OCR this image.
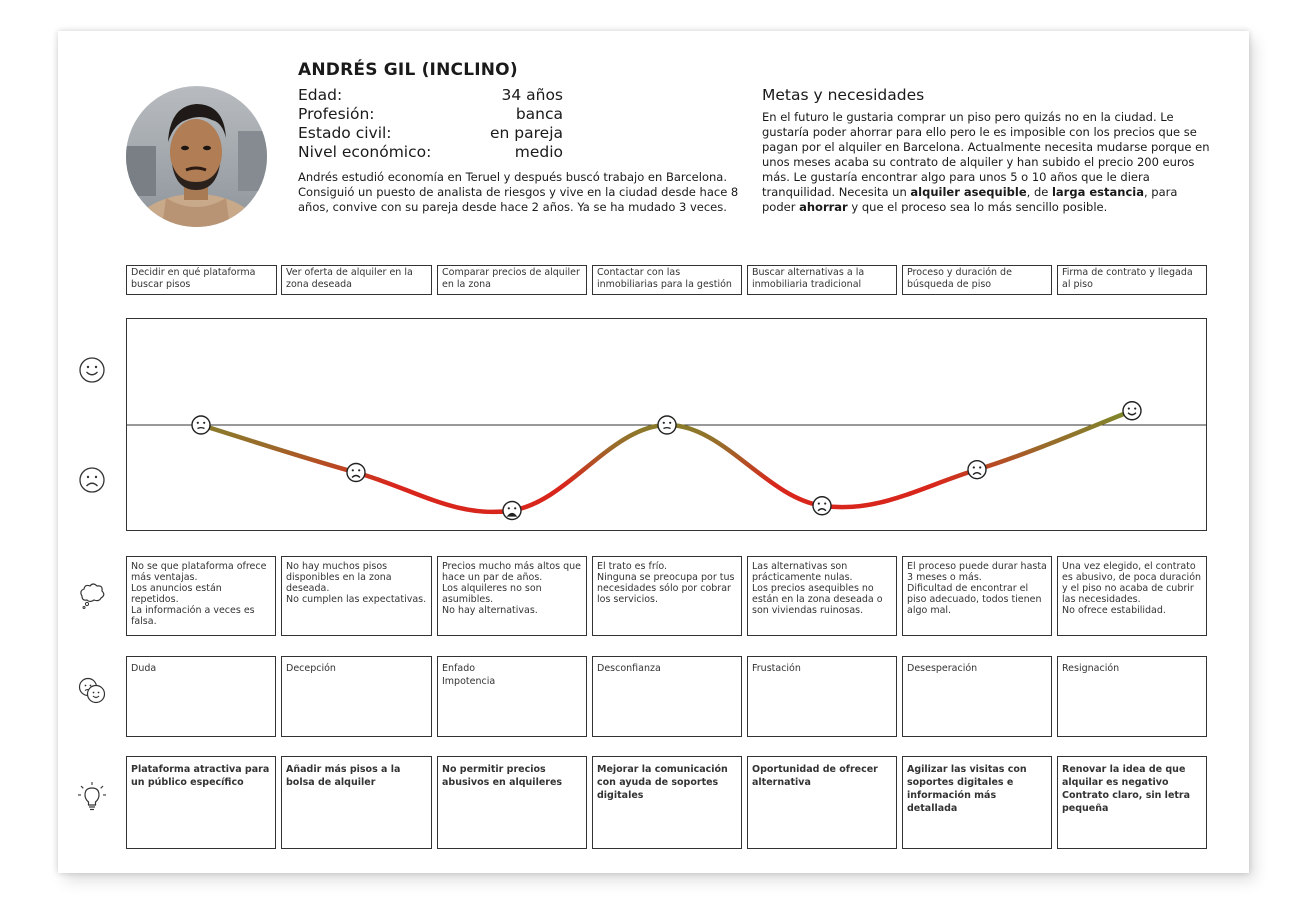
ANDRÉS GIL (INCLINO)
Edad:	34 años
Profesión:	banca
Estado civil:	en pareja
Nivel económico:	medio
Andrés estudió economía en Teruel y después buscó trabajo en Barcelona. Consiguió un puesto de analista de riesgos y vive en la ciudad desde hace 8 años, convive con su pareja desde hace 2 años. Ya se ha mudado 3 veces.
Metas y necesidades
En el futuro le gustaria comprar un piso pero quizás no en la ciudad. Le gustaría poder ahorrar para ello pero le es imposible con los precios que se pagan por el alquiler en Barcelona. Actualmente necesita mudarse porque en unos meses acaba su contrato de alquiler y han subido el precio 200 euros más. Le gustaría encontrar algo para unos 5 o 10 años que le diera tranquilidad. Necesita un alquiler asequible, de larga estancia, para poder ahorrar y que el proceso sea lo más sencillo posible.
Decidir en qué plataforma buscar pisos
Ver oferta de alquiler en la zona deseada
Comparar precios de alquiler en la zona
Contactar con las inmobiliarias para la gestión
Buscar alternativas a la inmobiliaria tradicional
Proceso y duración de búsqueda de piso
Firma de contrato y llegada al piso
No se que plataforma ofrece más ventajas.
Los anuncios están repetidos.
La información a veces es falsa.
No hay muchos pisos disponibles en la zona deseada.
No cumplen las expectativas.
Precios mucho más altos que hace un par de años.
Los alquileres no son asumibles.
No hay alternativas.
El trato es frío.
Ninguna se preocupa por tus necesidades sólo por cobrar los servicios.
Las alternativas son prácticamente nulas.
Los precios asequibles no están en la zona deseada o son viviendas ruinosas.
El proceso puede durar hasta 3 meses o más.
Dificultad de encontrar el piso adecuado, todos tienen algo mal.
Una vez elegido, el contrato es abusivo, de poca duración y el piso no acaba de cubrir las necesidades.
No ofrece estabilidad.
Duda	Decepción	Enfado
Impotencia
Desconfianza	Frustación	Desesperación	Resignación
Plataforma atractiva para un público específico
Añadir más pisos a la bolsa de alquiler
No permitir precios abusivos en alquileres
Mejorar la comunicación con ayuda de soportes digitales
Oportunidad de ofrecer alternativa
Agilizar las visitas con soportes digitales e información más detallada
Renovar la idea de que alquilar es negativo
Contrato claro, sin letra pequeña
